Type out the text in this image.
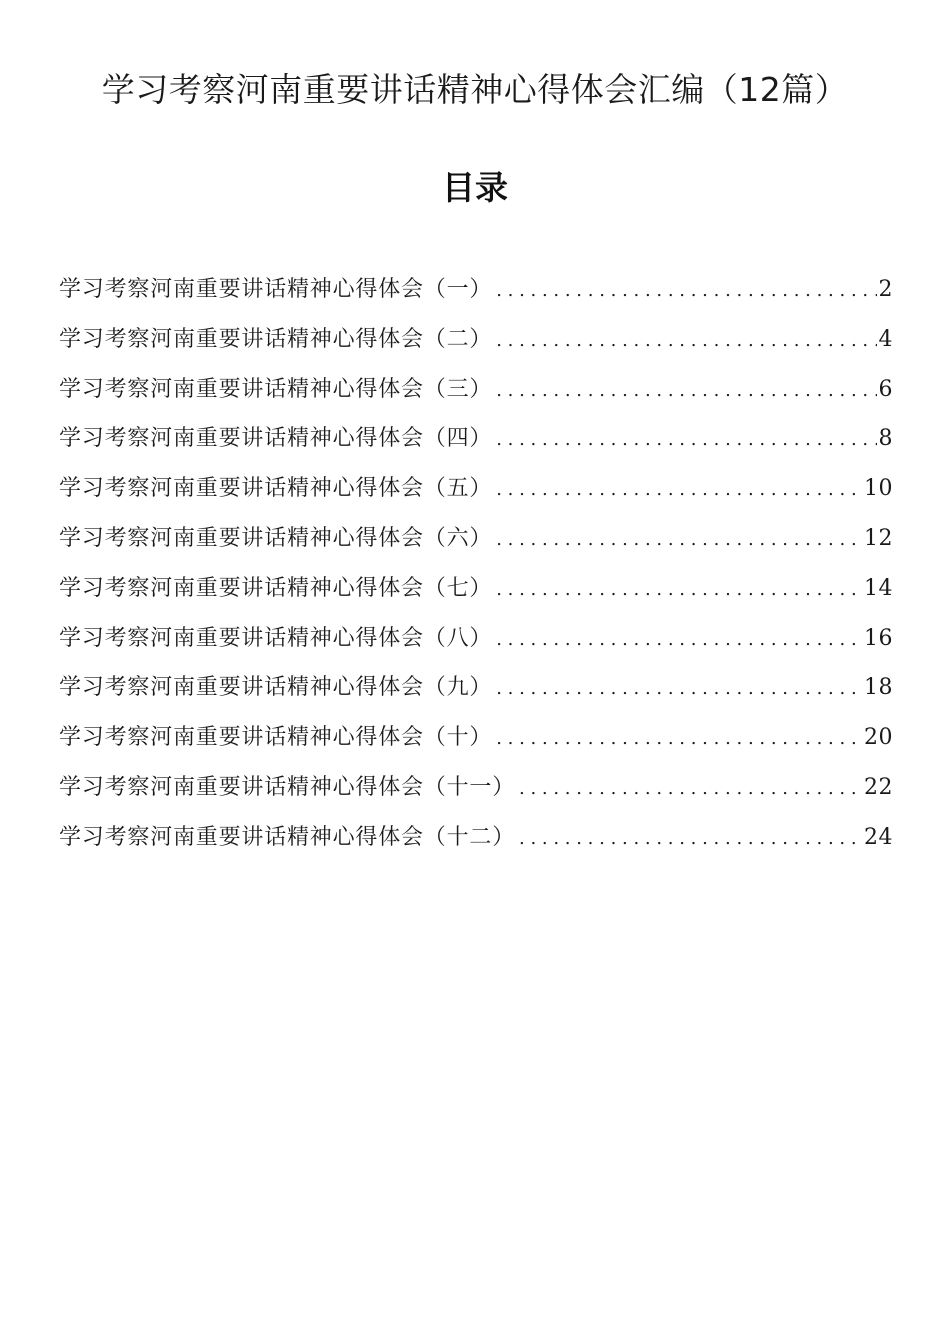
学习考察河南重要讲话精神心得体会汇编（12篇）
目录
学习考察河南重要讲话精神心得体会（一） . . .	2
学习考察河南重要讲话精神心得体会（二） . . .	4
学习考察河南重要讲话精神心得体会（三） . . .	6
学习考察河南重要讲话精神心得体会（四） . . .	8
学习考察河南重要讲话精神心得体会（五） . . .	10
学习考察河南重要讲话精神心得体会（六） . . .	12
学习考察河南重要讲话精神心得体会（七） . . .	14
学习考察河南重要讲话精神心得体会（八） . . .	16
学习考察河南重要讲话精神心得体会（九） . . .	18
学习考察河南重要讲话精神心得体会（十） . . .	20
学习考察河南重要讲话精神心得体会（十一） . . .	22
学习考察河南重要讲话精神心得体会（十二） . . .	24
